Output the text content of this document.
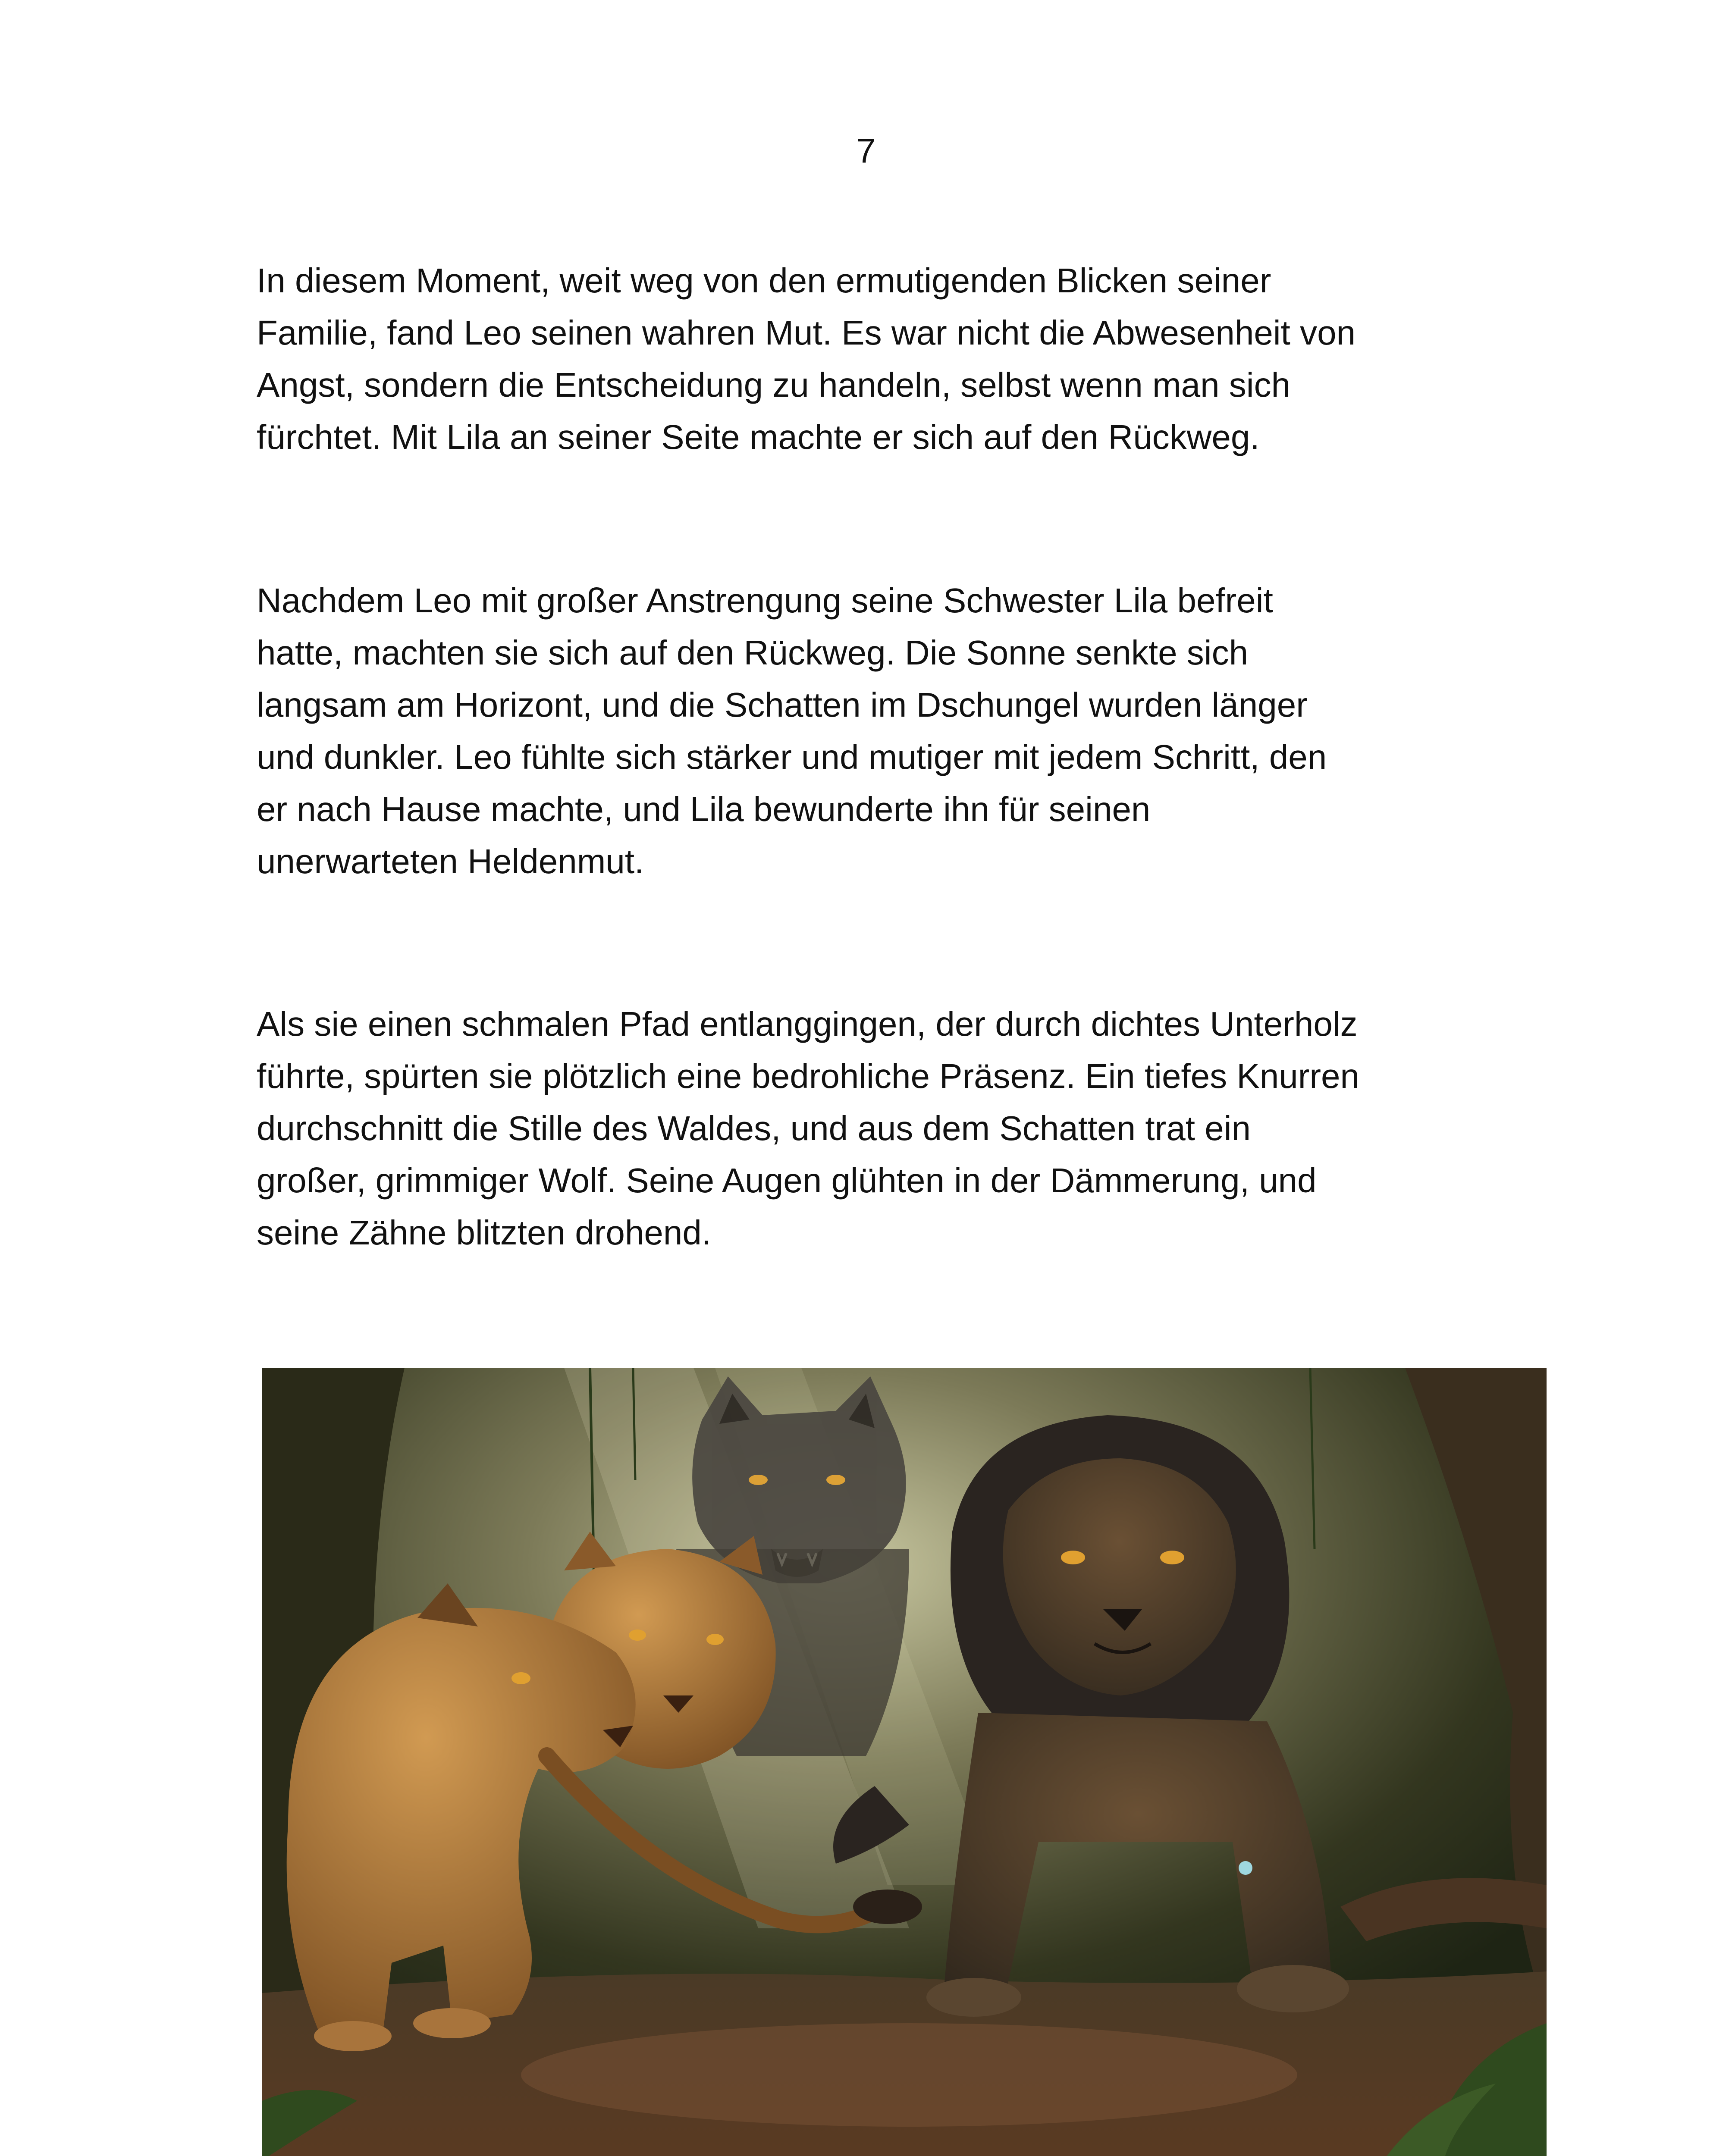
7
In diesem Moment, weit weg von den ermutigenden Blicken seiner
Familie, fand Leo seinen wahren Mut. Es war nicht die Abwesenheit von
Angst, sondern die Entscheidung zu handeln, selbst wenn man sich
fürchtet. Mit Lila an seiner Seite machte er sich auf den Rückweg.
Nachdem Leo mit großer Anstrengung seine Schwester Lila befreit
hatte, machten sie sich auf den Rückweg. Die Sonne senkte sich
langsam am Horizont, und die Schatten im Dschungel wurden länger
und dunkler. Leo fühlte sich stärker und mutiger mit jedem Schritt, den
er nach Hause machte, und Lila bewunderte ihn für seinen
unerwarteten Heldenmut.
Als sie einen schmalen Pfad entlanggingen, der durch dichtes Unterholz
führte, spürten sie plötzlich eine bedrohliche Präsenz. Ein tiefes Knurren
durchschnitt die Stille des Waldes, und aus dem Schatten trat ein
großer, grimmiger Wolf. Seine Augen glühten in der Dämmerung, und
seine Zähne blitzten drohend.
